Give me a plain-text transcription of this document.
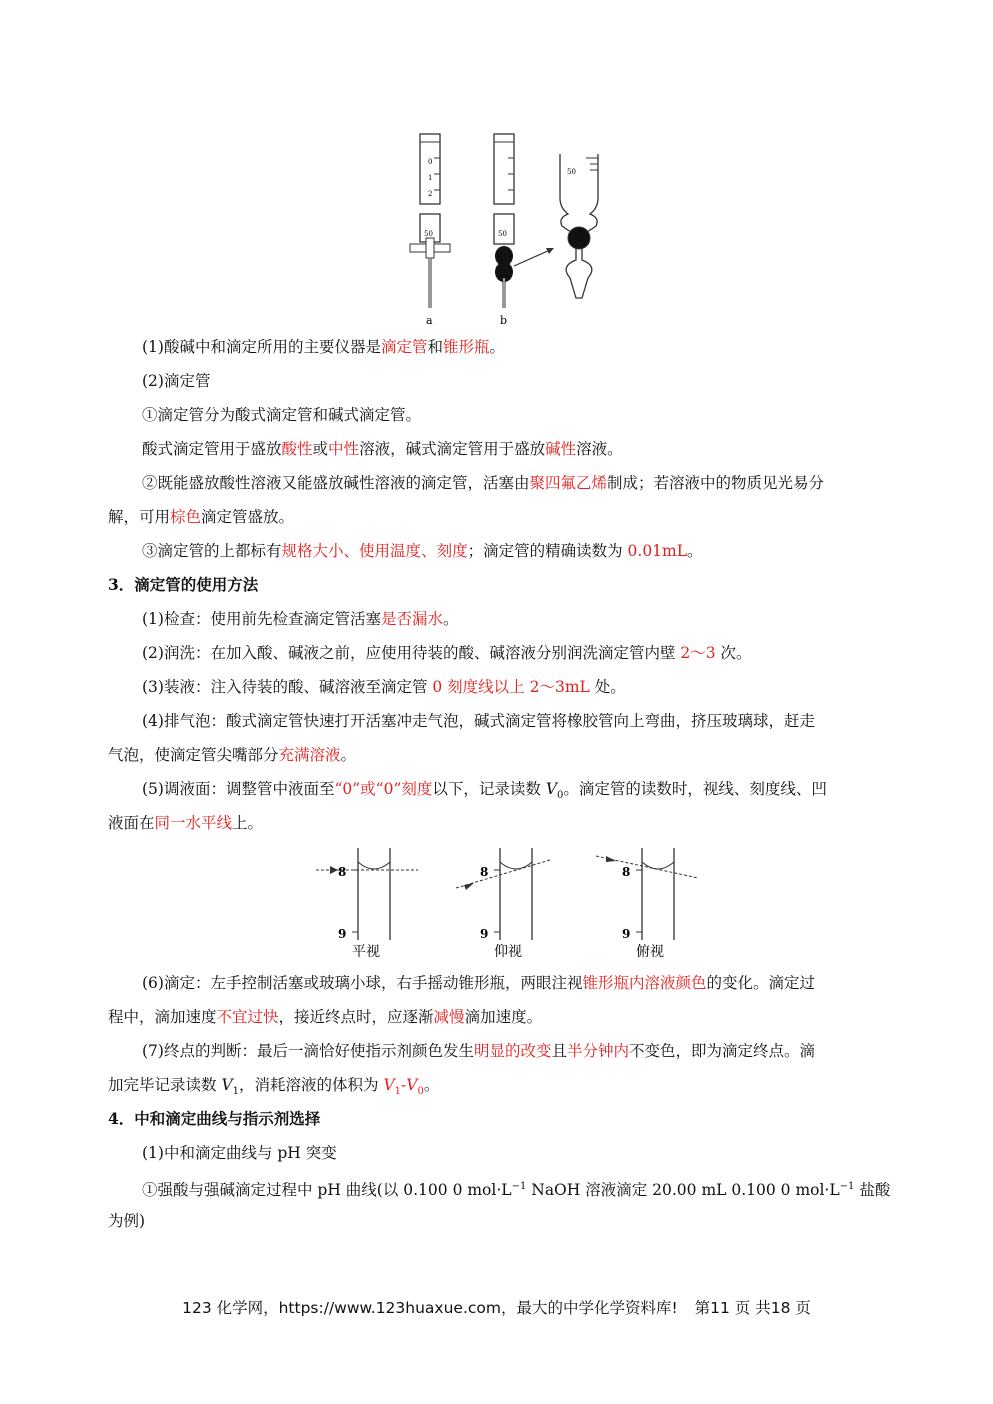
0
1
2
50
a
50
b
50
(1)酸碱中和滴定所用的主要仪器是滴定管和锥形瓶。
(2)滴定管
①滴定管分为酸式滴定管和碱式滴定管。
酸式滴定管用于盛放酸性或中性溶液，碱式滴定管用于盛放碱性溶液。
②既能盛放酸性溶液又能盛放碱性溶液的滴定管，活塞由聚四氟乙烯制成；若溶液中的物质见光易分
解，可用棕色滴定管盛放。
③滴定管的上都标有规格大小、使用温度、刻度；滴定管的精确读数为 0.01mL。
3．滴定管的使用方法
(1)检查：使用前先检查滴定管活塞是否漏水。
(2)润洗：在加入酸、碱液之前，应使用待装的酸、碱溶液分别润洗滴定管内壁 2～3 次。
(3)装液：注入待装的酸、碱溶液至滴定管 0 刻度线以上 2～3mL 处。
(4)排气泡：酸式滴定管快速打开活塞冲走气泡，碱式滴定管将橡胶管向上弯曲，挤压玻璃球，赶走
气泡，使滴定管尖嘴部分充满溶液。
(5)调液面：调整管中液面至“0”或“0”刻度以下，记录读数 $V_0$。滴定管的读数时，视线、刻度线、凹
液面在同一水平线上。
8
9
平视
8
9
仰视
8
9
俯视
(6)滴定：左手控制活塞或玻璃小球，右手摇动锥形瓶，两眼注视锥形瓶内溶液颜色的变化。滴定过
程中，滴加速度不宜过快，接近终点时，应逐渐减慢滴加速度。
(7)终点的判断：最后一滴恰好使指示剂颜色发生明显的改变且半分钟内不变色，即为滴定终点。滴
加完毕记录读数 $V_1$，消耗溶液的体积为 $V_1-V_0$。
4．中和滴定曲线与指示剂选择
(1)中和滴定曲线与 pH 突变
①强酸与强碱滴定过程中 pH 曲线(以 0.100 0 $mol\cdot L^{-1}$ NaOH 溶液滴定 20.00 mL 0.100 0 $mol\cdot L^{-1}$ 盐酸
为例)
123 化学网，https://www.123huaxue.com，最大的中学化学资料库! 第11 页 共18 页
